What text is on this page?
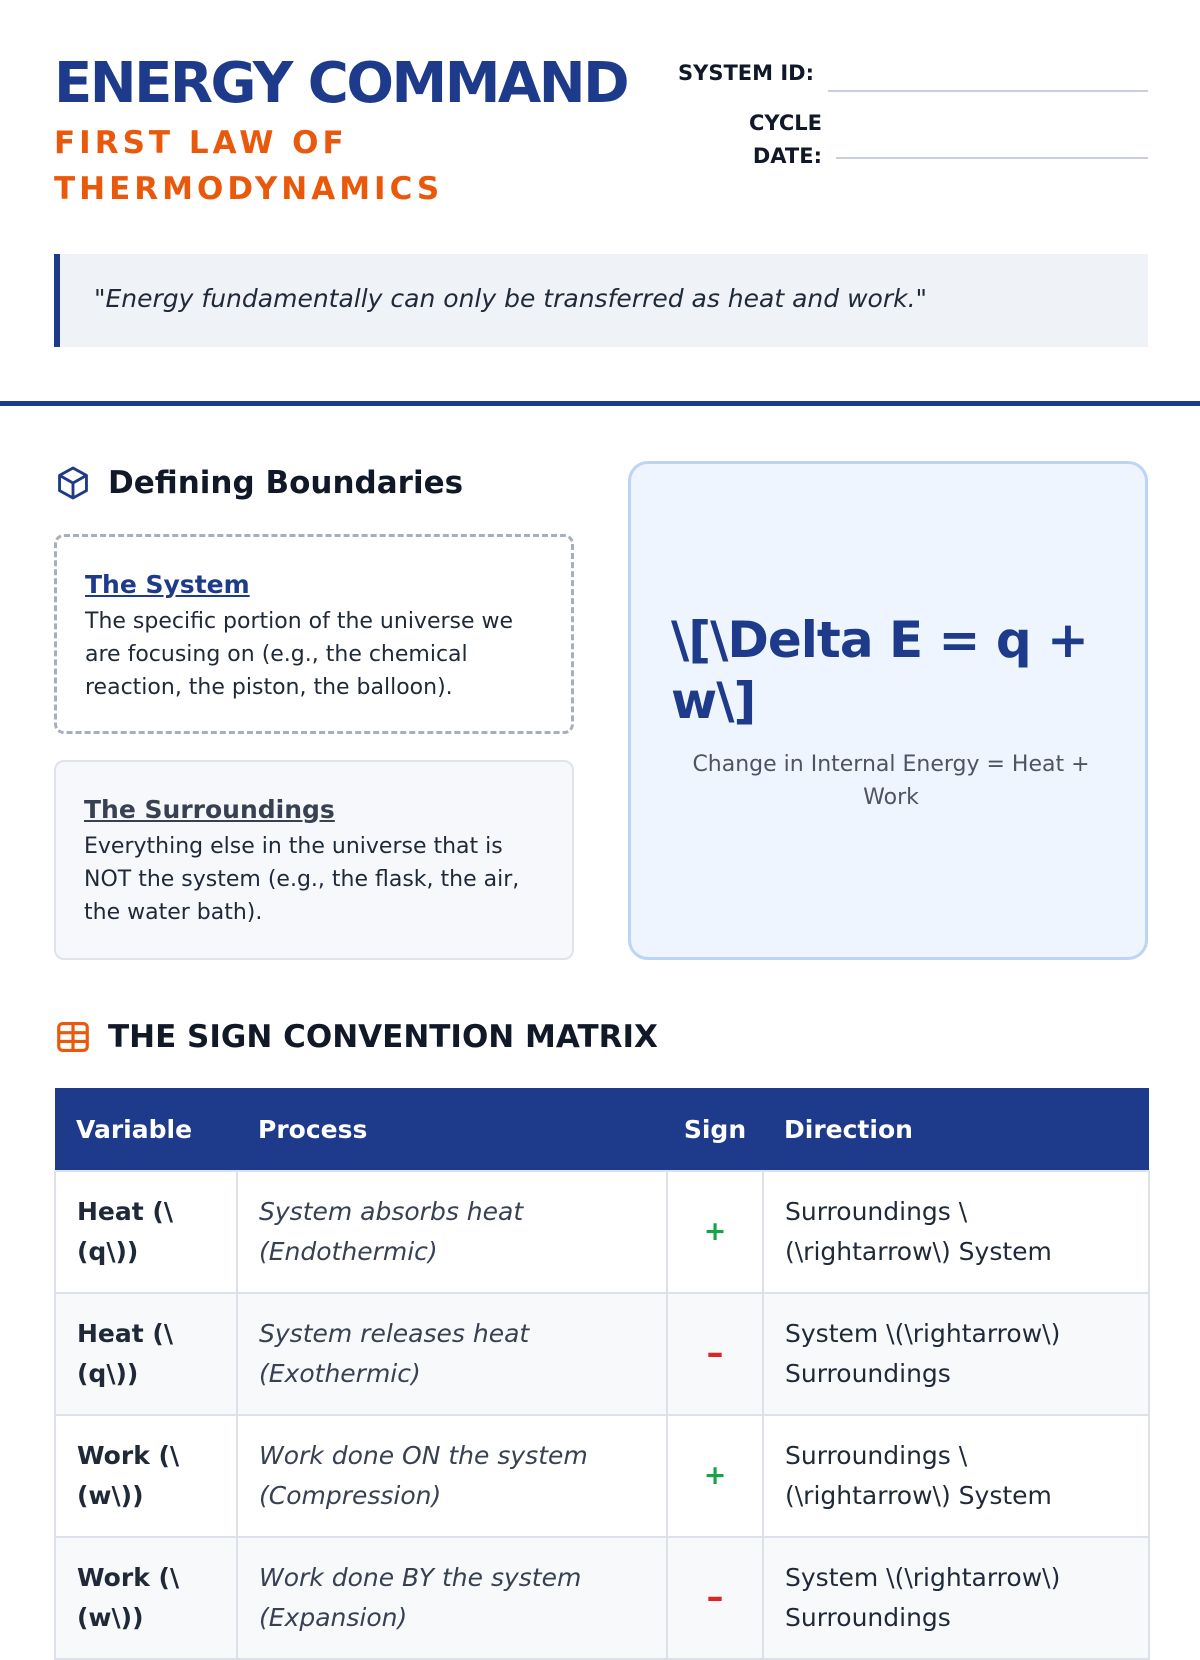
ENERGY COMMAND
FIRST LAW OF THERMODYNAMICS
SYSTEM ID:
CYCLE DATE:
"Energy fundamentally can only be transferred as heat and work."
Defining Boundaries
The System
The specific portion of the universe we are focusing on (e.g., the chemical reaction, the piston, the balloon).
The Surroundings
Everything else in the universe that is NOT the system (e.g., the flask, the air, the water bath).
\[\Delta E = q + w\]
Change in Internal Energy = Heat + Work
THE SIGN CONVENTION MATRIX
Variable	Process	Sign	Direction
Heat (\(q\))	System absorbs heat (Endothermic)	+	Surroundings \(\rightarrow\) System
Heat (\(q\))	System releases heat (Exothermic)	–	System \(\rightarrow\) Surroundings
Work (\(w\))	Work done ON the system (Compression)	+	Surroundings \(\rightarrow\) System
Work (\(w\))	Work done BY the system (Expansion)	–	System \(\rightarrow\) Surroundings
